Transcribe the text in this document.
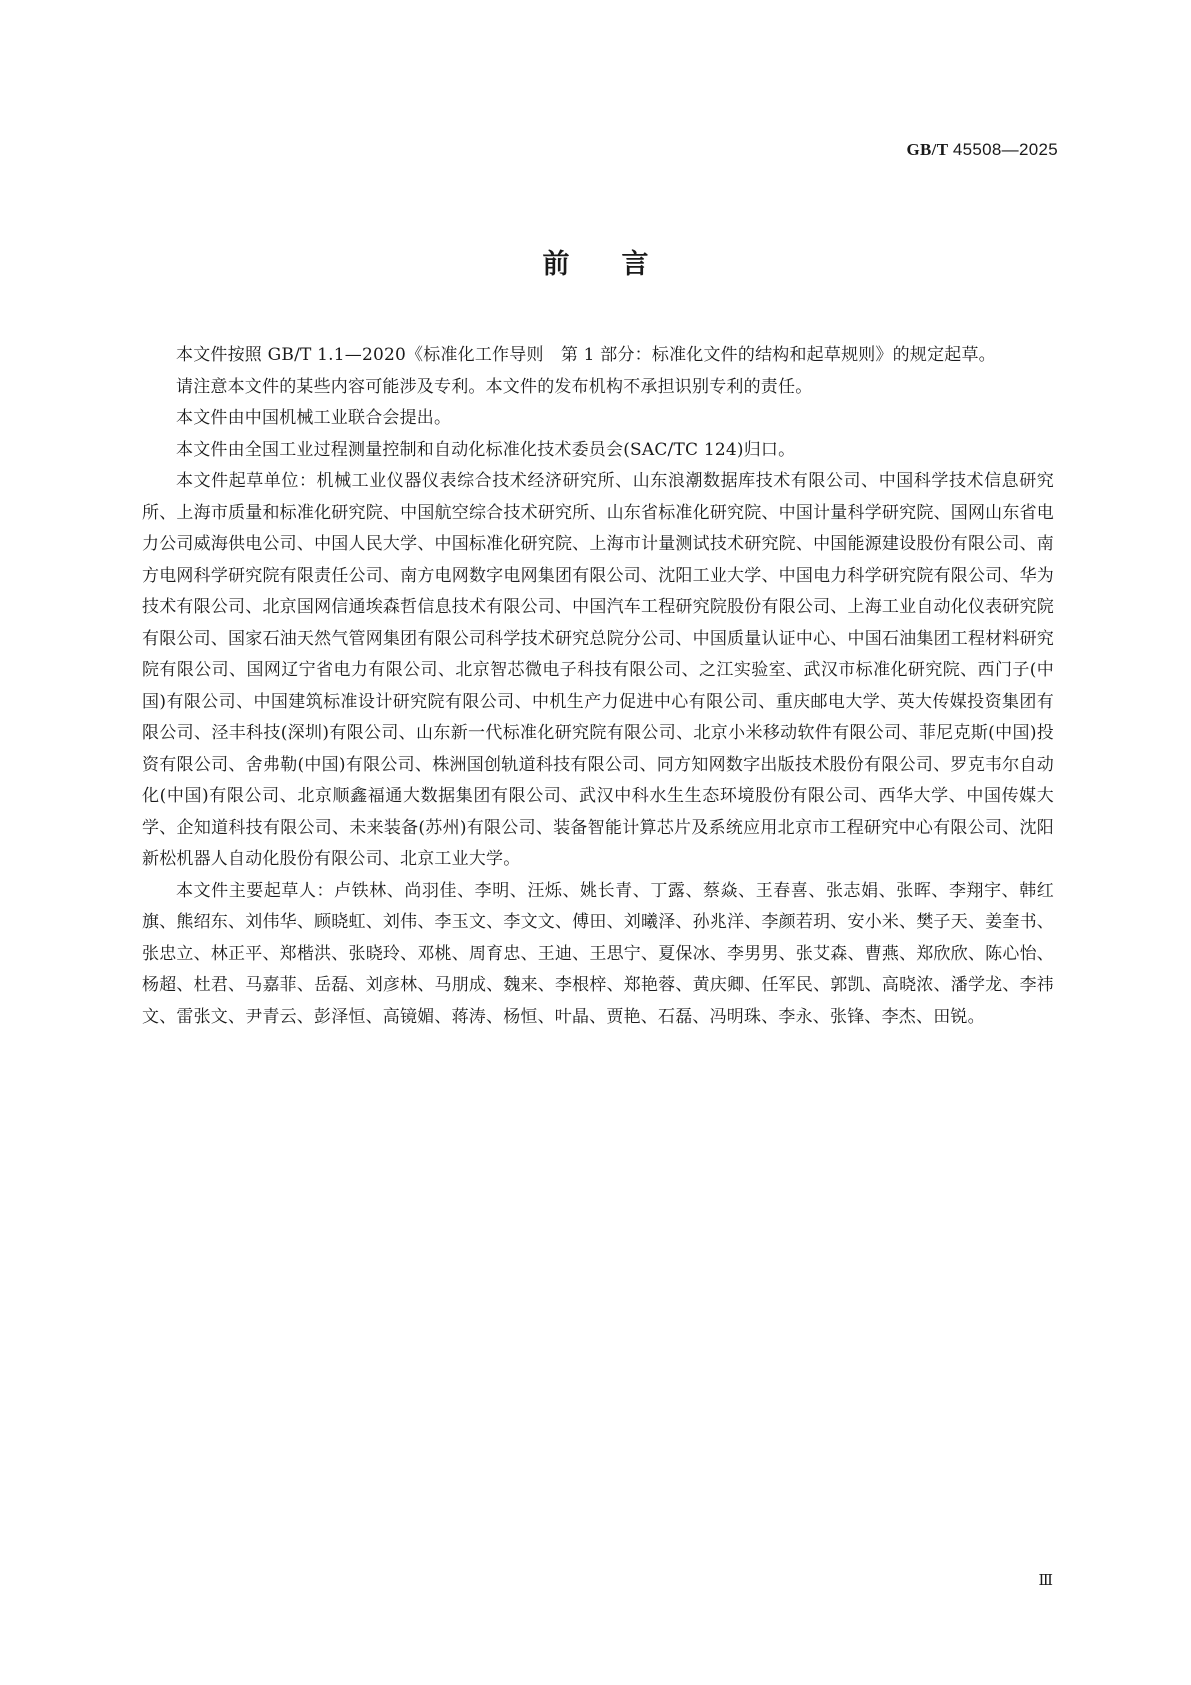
GB/T 45508—2025

前言

本文件按照 GB/T 1.1—2020《标准化工作导则　第 1 部分：标准化文件的结构和起草规则》的规定起草。

请注意本文件的某些内容可能涉及专利。本文件的发布机构不承担识别专利的责任。

本文件由中国机械工业联合会提出。

本文件由全国工业过程测量控制和自动化标准化技术委员会(SAC/TC 124)归口。

本文件起草单位：机械工业仪器仪表综合技术经济研究所、山东浪潮数据库技术有限公司、中国科学技术信息研究所、上海市质量和标准化研究院、中国航空综合技术研究所、山东省标准化研究院、中国计量科学研究院、国网山东省电力公司威海供电公司、中国人民大学、中国标准化研究院、上海市计量测试技术研究院、中国能源建设股份有限公司、南方电网科学研究院有限责任公司、南方电网数字电网集团有限公司、沈阳工业大学、中国电力科学研究院有限公司、华为技术有限公司、北京国网信通埃森哲信息技术有限公司、中国汽车工程研究院股份有限公司、上海工业自动化仪表研究院有限公司、国家石油天然气管网集团有限公司科学技术研究总院分公司、中国质量认证中心、中国石油集团工程材料研究院有限公司、国网辽宁省电力有限公司、北京智芯微电子科技有限公司、之江实验室、武汉市标准化研究院、西门子(中国)有限公司、中国建筑标准设计研究院有限公司、中机生产力促进中心有限公司、重庆邮电大学、英大传媒投资集团有限公司、泾丰科技(深圳)有限公司、山东新一代标准化研究院有限公司、北京小米移动软件有限公司、菲尼克斯(中国)投资有限公司、舍弗勒(中国)有限公司、株洲国创轨道科技有限公司、同方知网数字出版技术股份有限公司、罗克韦尔自动化(中国)有限公司、北京顺鑫福通大数据集团有限公司、武汉中科水生生态环境股份有限公司、西华大学、中国传媒大学、企知道科技有限公司、未来装备(苏州)有限公司、装备智能计算芯片及系统应用北京市工程研究中心有限公司、沈阳新松机器人自动化股份有限公司、北京工业大学。

本文件主要起草人：卢铁林、尚羽佳、李明、汪烁、姚长青、丁露、蔡焱、王春喜、张志娟、张晖、李翔宇、韩红旗、熊绍东、刘伟华、顾晓虹、刘伟、李玉文、李文文、傅田、刘曦泽、孙兆洋、李颜若玥、安小米、樊子天、姜奎书、张忠立、林正平、郑楷洪、张晓玲、邓桃、周育忠、王迪、王思宁、夏保冰、李男男、张艾森、曹燕、郑欣欣、陈心怡、杨超、杜君、马嘉菲、岳磊、刘彦林、马朋成、魏来、李根梓、郑艳蓉、黄庆卿、任军民、郭凯、高晓浓、潘学龙、李祎文、雷张文、尹青云、彭泽恒、高镜媚、蒋涛、杨恒、叶晶、贾艳、石磊、冯明珠、李永、张锋、李杰、田锐。

Ⅲ
